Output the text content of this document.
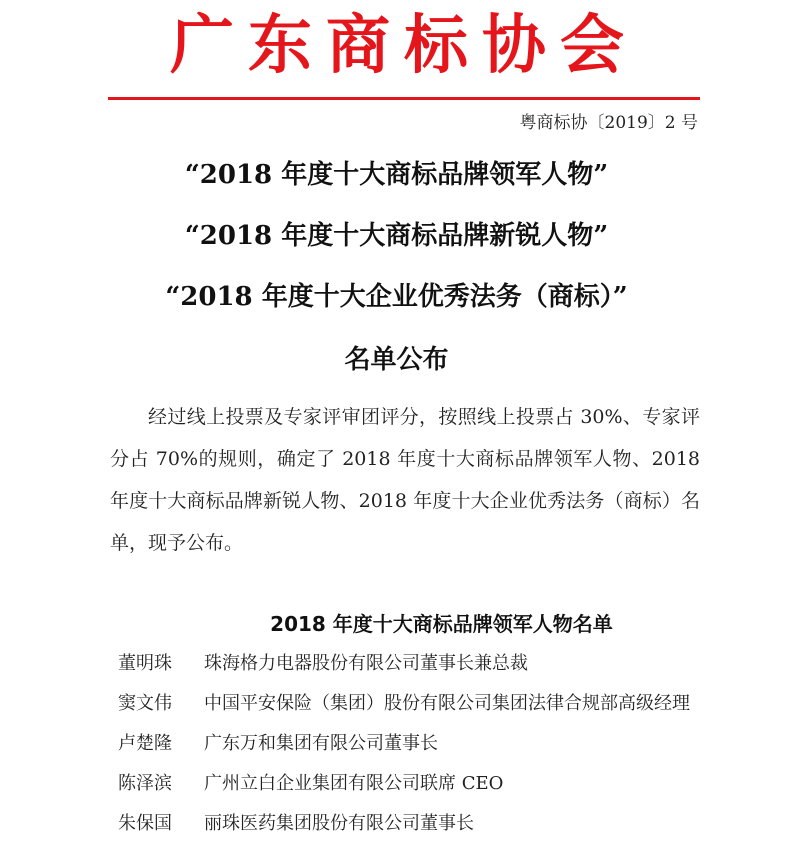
广东商标协会
粤商标协〔2019〕2 号
“2018 年度十大商标品牌领军人物”
“2018 年度十大商标品牌新锐人物”
“2018 年度十大企业优秀法务（商标）”
名单公布

经过线上投票及专家评审团评分，按照线上投票占 30%、专家评分占 70%的规则，确定了 2018 年度十大商标品牌领军人物、2018 年度十大商标品牌新锐人物、2018 年度十大企业优秀法务（商标）名单，现予公布。

2018 年度十大商标品牌领军人物名单
董明珠 珠海格力电器股份有限公司董事长兼总裁
窦文伟 中国平安保险（集团）股份有限公司集团法律合规部高级经理
卢楚隆 广东万和集团有限公司董事长
陈泽滨 广州立白企业集团有限公司联席 CEO
朱保国 丽珠医药集团股份有限公司董事长
